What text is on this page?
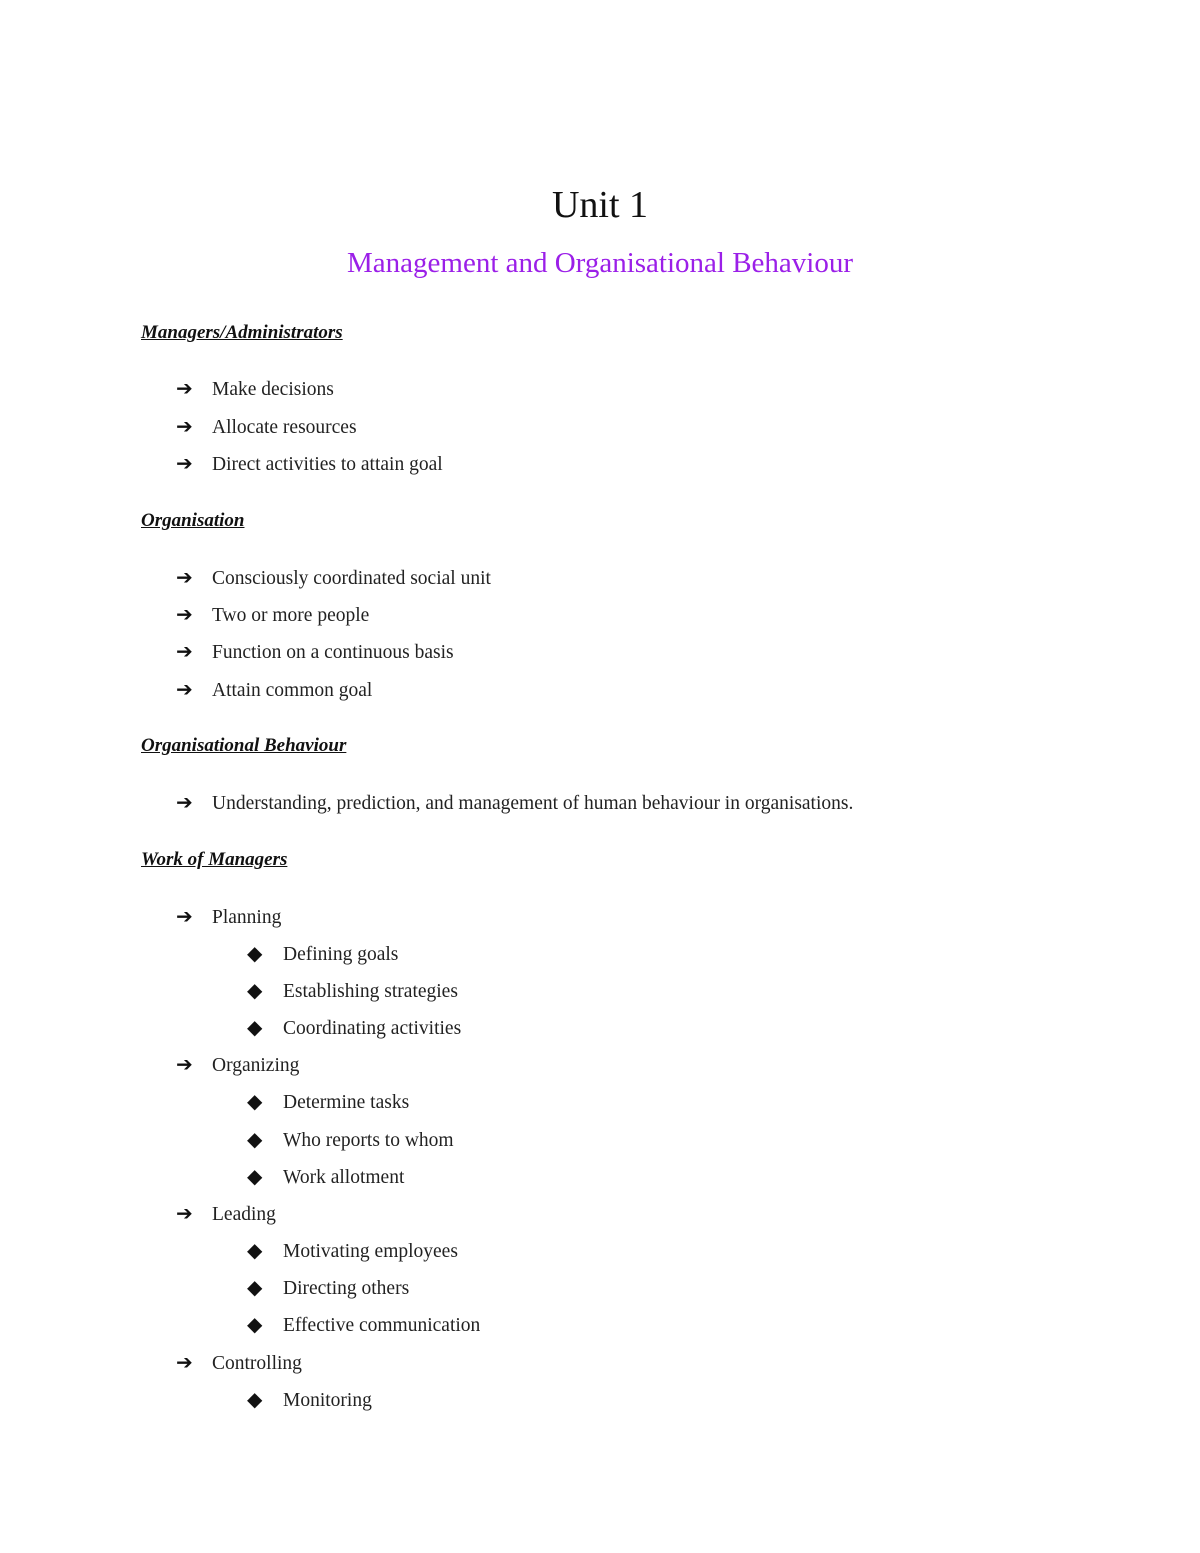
Unit 1
Management and Organisational Behaviour
Managers/Administrators
➔ Make decisions
➔ Allocate resources
➔ Direct activities to attain goal
Organisation
➔ Consciously coordinated social unit
➔ Two or more people
➔ Function on a continuous basis
➔ Attain common goal
Organisational Behaviour
➔ Understanding, prediction, and management of human behaviour in organisations.
Work of Managers
➔ Planning
◆ Defining goals
◆ Establishing strategies
◆ Coordinating activities
➔ Organizing
◆ Determine tasks
◆ Who reports to whom
◆ Work allotment
➔ Leading
◆ Motivating employees
◆ Directing others
◆ Effective communication
➔ Controlling
◆ Monitoring
